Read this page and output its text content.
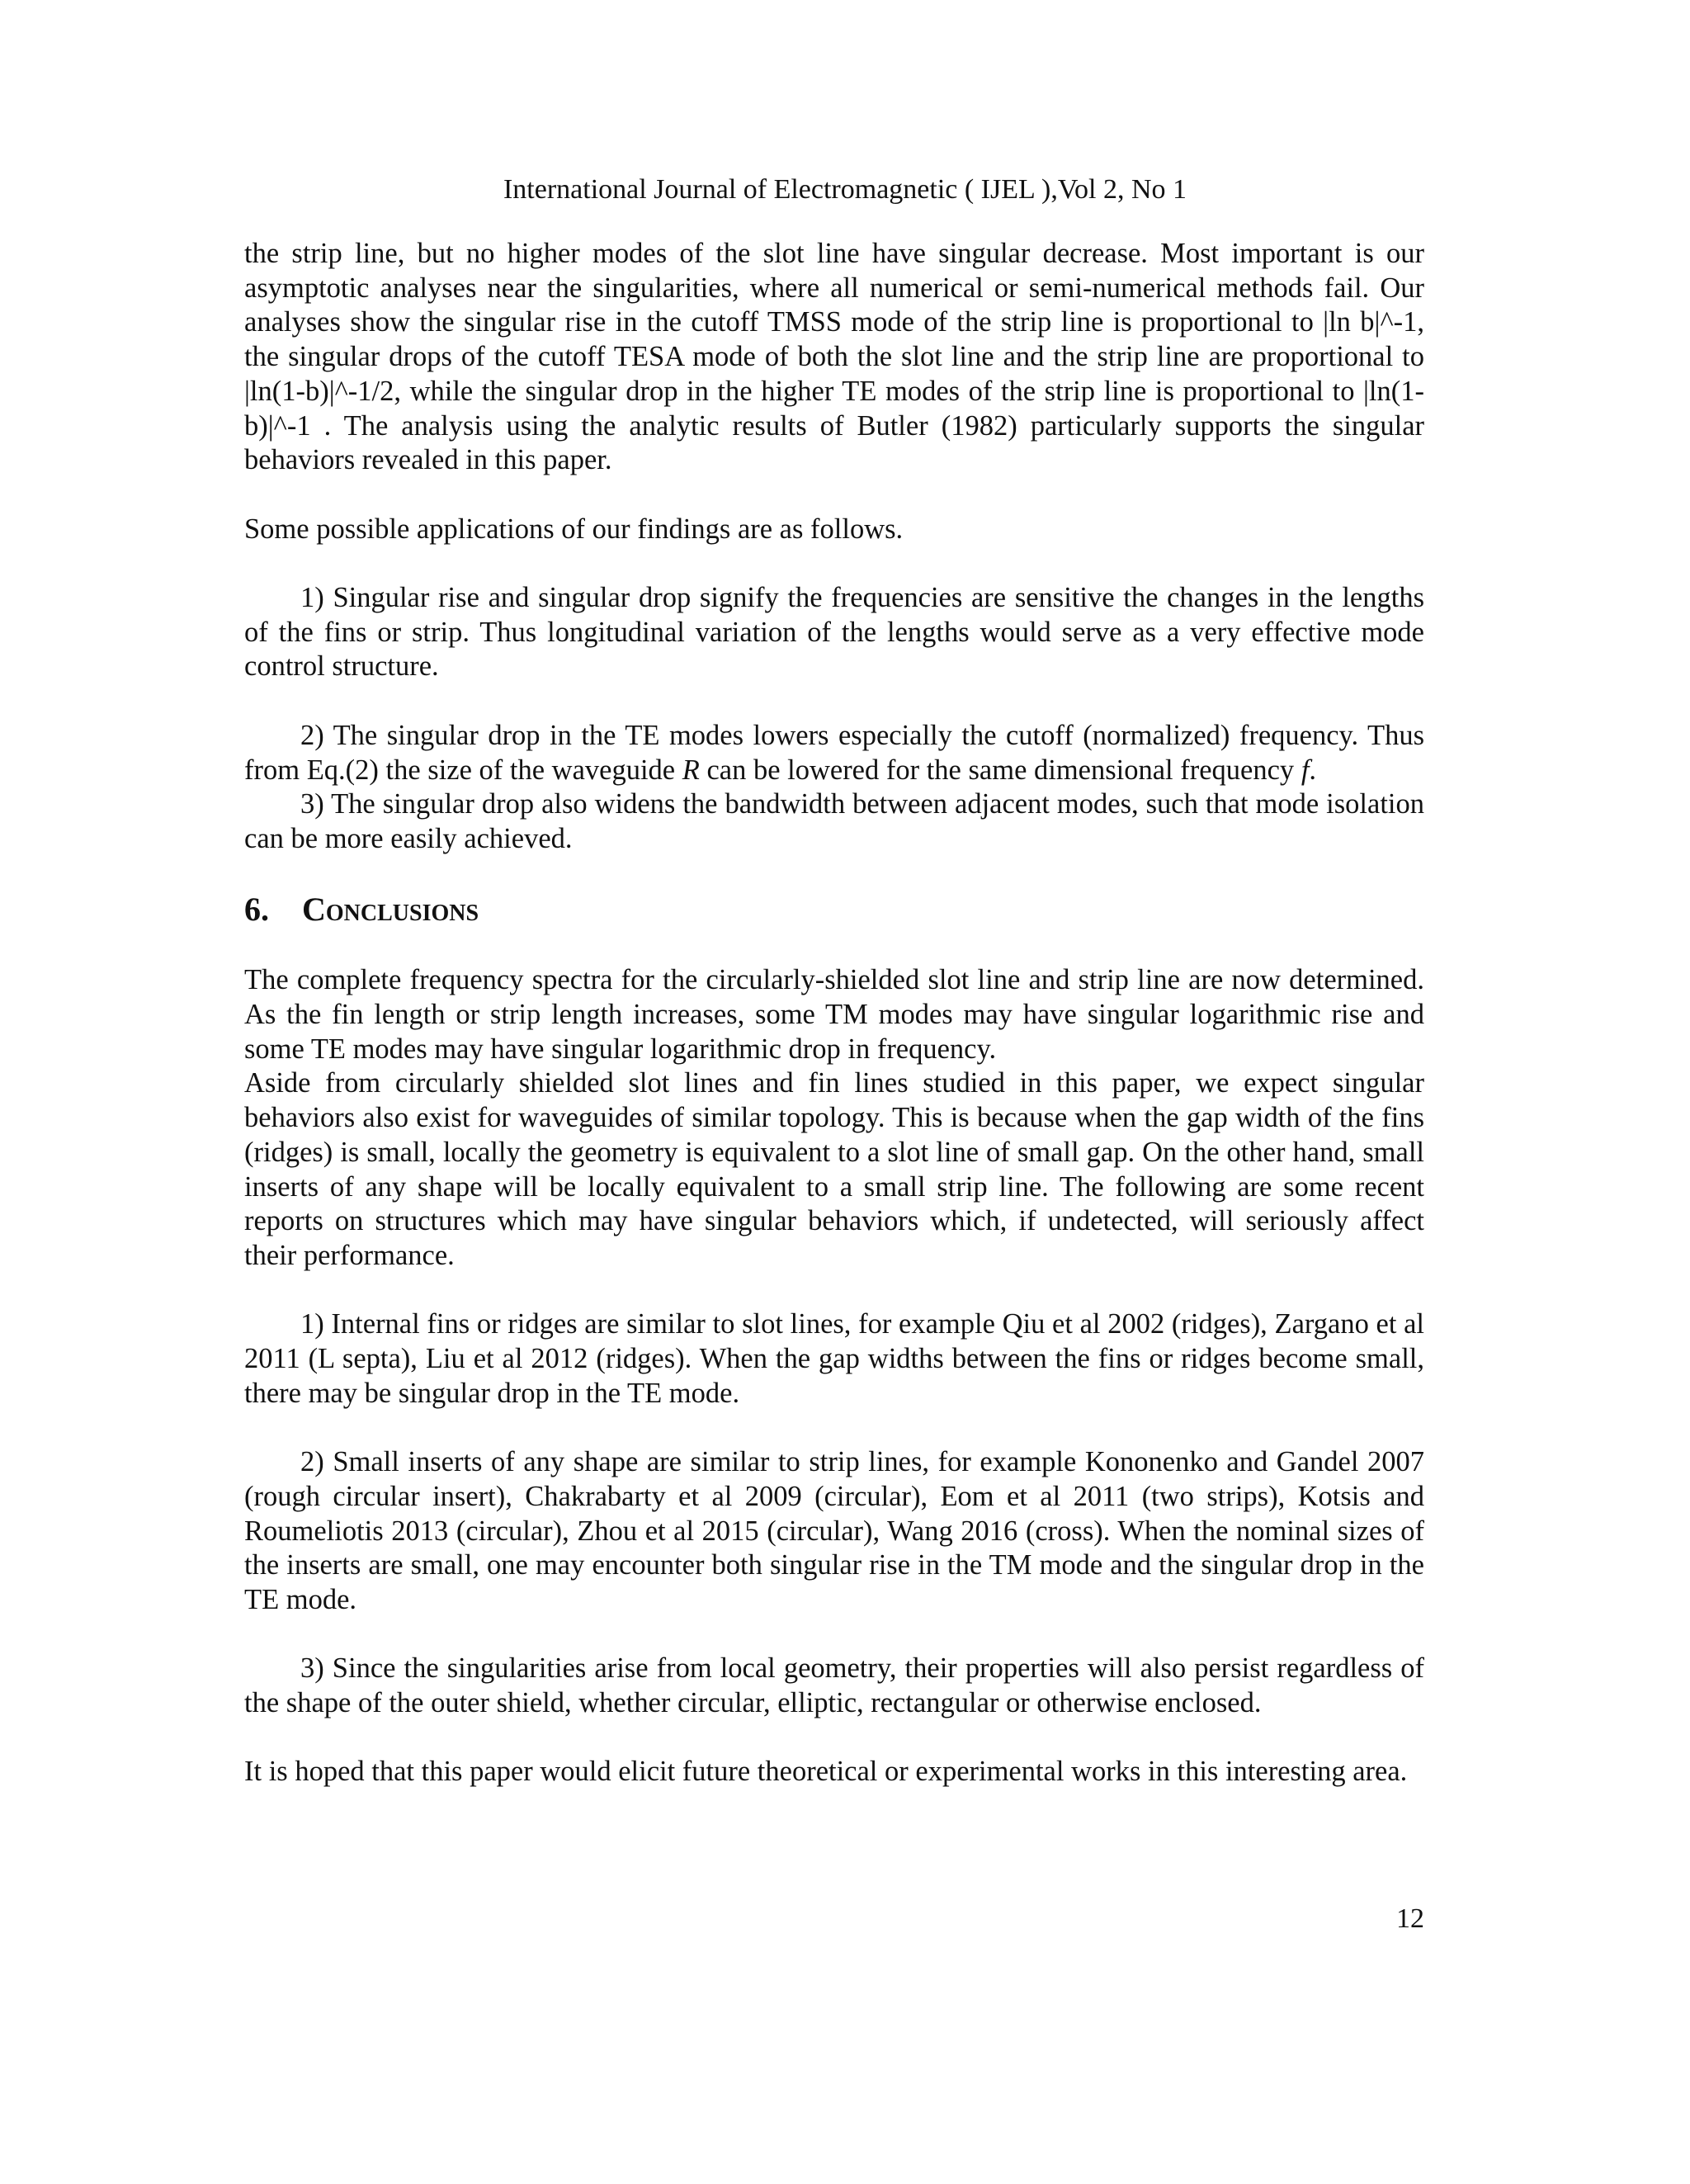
International Journal of Electromagnetic ( IJEL ),Vol 2, No 1

the strip line, but no higher modes of the slot line have singular decrease. Most important is our asymptotic analyses near the singularities, where all numerical or semi-numerical methods fail. Our analyses show the singular rise in the cutoff TMSS mode of the strip line is proportional to |ln b|^-1, the singular drops of the cutoff TESA mode of both the slot line and the strip line are proportional to |ln(1-b)|^-1/2, while the singular drop in the higher TE modes of the strip line is proportional to |ln(1-b)|^-1 . The analysis using the analytic results of Butler (1982) particularly supports the singular behaviors revealed in this paper.

Some possible applications of our findings are as follows.

1) Singular rise and singular drop signify the frequencies are sensitive the changes in the lengths of the fins or strip. Thus longitudinal variation of the lengths would serve as a very effective mode control structure.

2) The singular drop in the TE modes lowers especially the cutoff (normalized) frequency. Thus from Eq.(2) the size of the waveguide R can be lowered for the same dimensional frequency f.

3) The singular drop also widens the bandwidth between adjacent modes, such that mode isolation can be more easily achieved.

6. Conclusions

The complete frequency spectra for the circularly-shielded slot line and strip line are now determined. As the fin length or strip length increases, some TM modes may have singular logarithmic rise and some TE modes may have singular logarithmic drop in frequency.

Aside from circularly shielded slot lines and fin lines studied in this paper, we expect singular behaviors also exist for waveguides of similar topology. This is because when the gap width of the fins (ridges) is small, locally the geometry is equivalent to a slot line of small gap. On the other hand, small inserts of any shape will be locally equivalent to a small strip line. The following are some recent reports on structures which may have singular behaviors which, if undetected, will seriously affect their performance.

1) Internal fins or ridges are similar to slot lines, for example Qiu et al 2002 (ridges), Zargano et al 2011 (L septa), Liu et al 2012 (ridges). When the gap widths between the fins or ridges become small, there may be singular drop in the TE mode.

2) Small inserts of any shape are similar to strip lines, for example Kononenko and Gandel 2007 (rough circular insert), Chakrabarty et al 2009 (circular), Eom et al 2011 (two strips), Kotsis and Roumeliotis 2013 (circular), Zhou et al 2015 (circular), Wang 2016 (cross). When the nominal sizes of the inserts are small, one may encounter both singular rise in the TM mode and the singular drop in the TE mode.

3) Since the singularities arise from local geometry, their properties will also persist regardless of the shape of the outer shield, whether circular, elliptic, rectangular or otherwise enclosed.

It is hoped that this paper would elicit future theoretical or experimental works in this interesting area.

12
